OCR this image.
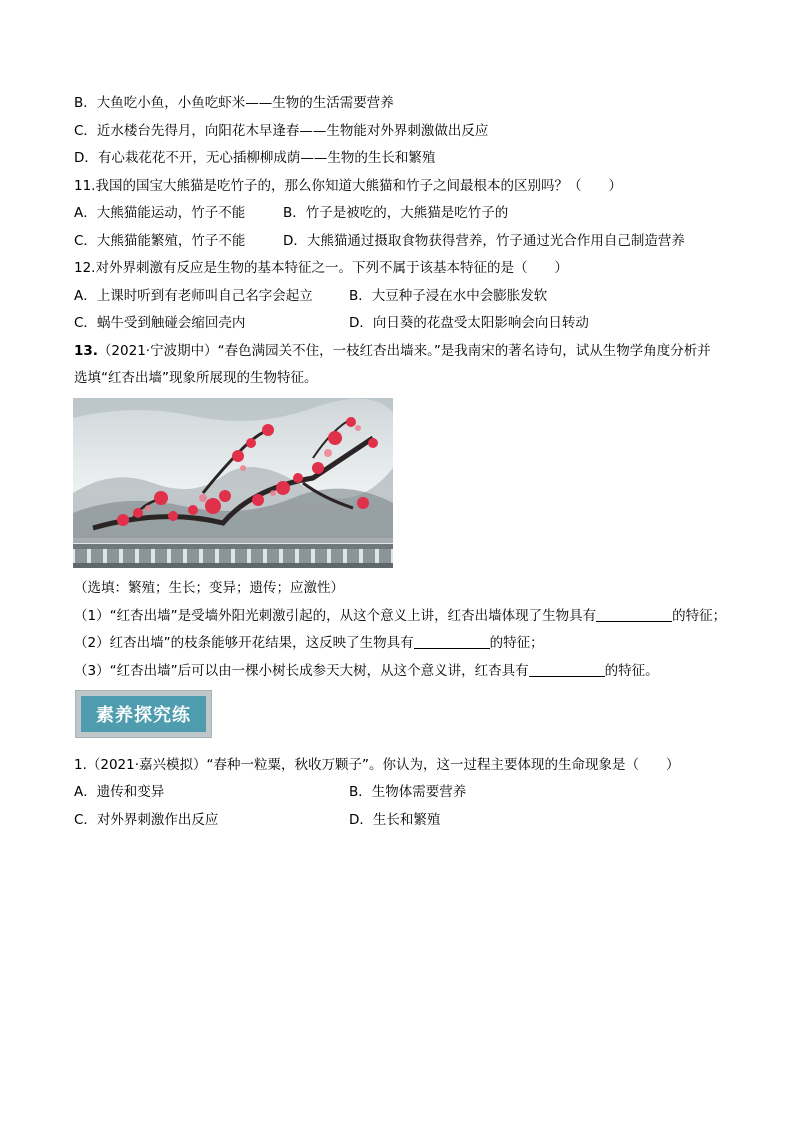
B．大鱼吃小鱼，小鱼吃虾米——生物的生活需要营养
C．近水楼台先得月，向阳花木早逢春——生物能对外界刺激做出反应
D．有心栽花花不开，无心插柳柳成荫——生物的生长和繁殖
11.我国的国宝大熊猫是吃竹子的，那么你知道大熊猫和竹子之间最根本的区别吗？（　　）
A．大熊猫能运动，竹子不能	B．竹子是被吃的，大熊猫是吃竹子的
C．大熊猫能繁殖，竹子不能	D．大熊猫通过摄取食物获得营养，竹子通过光合作用自己制造营养
12.对外界刺激有反应是生物的基本特征之一。下列不属于该基本特征的是（　　）
A．上课时听到有老师叫自己名字会起立	B．大豆种子浸在水中会膨胀发软
C．蜗牛受到触碰会缩回壳内	D．向日葵的花盘受太阳影响会向日转动
13.（2021·宁波期中）“春色满园关不住，一枝红杏出墙来。”是我南宋的著名诗句，试从生物学角度分析并
选填“红杏出墙”现象所展现的生物特征。
（选填：繁殖；生长；变异；遗传；应激性）
（1）“红杏出墙”是受墙外阳光刺激引起的，从这个意义上讲，红杏出墙体现了生物具有	的特征；
（2）红杏出墙”的枝条能够开花结果，这反映了生物具有	的特征；
（3）“红杏出墙”后可以由一棵小树长成参天大树，从这个意义讲，红杏具有	的特征。
素养探究练
1.（2021·嘉兴模拟）“春种一粒粟，秋收万颗子”。你认为，这一过程主要体现的生命现象是（　　）
A．遗传和变异	B．生物体需要营养
C．对外界刺激作出反应	D．生长和繁殖
